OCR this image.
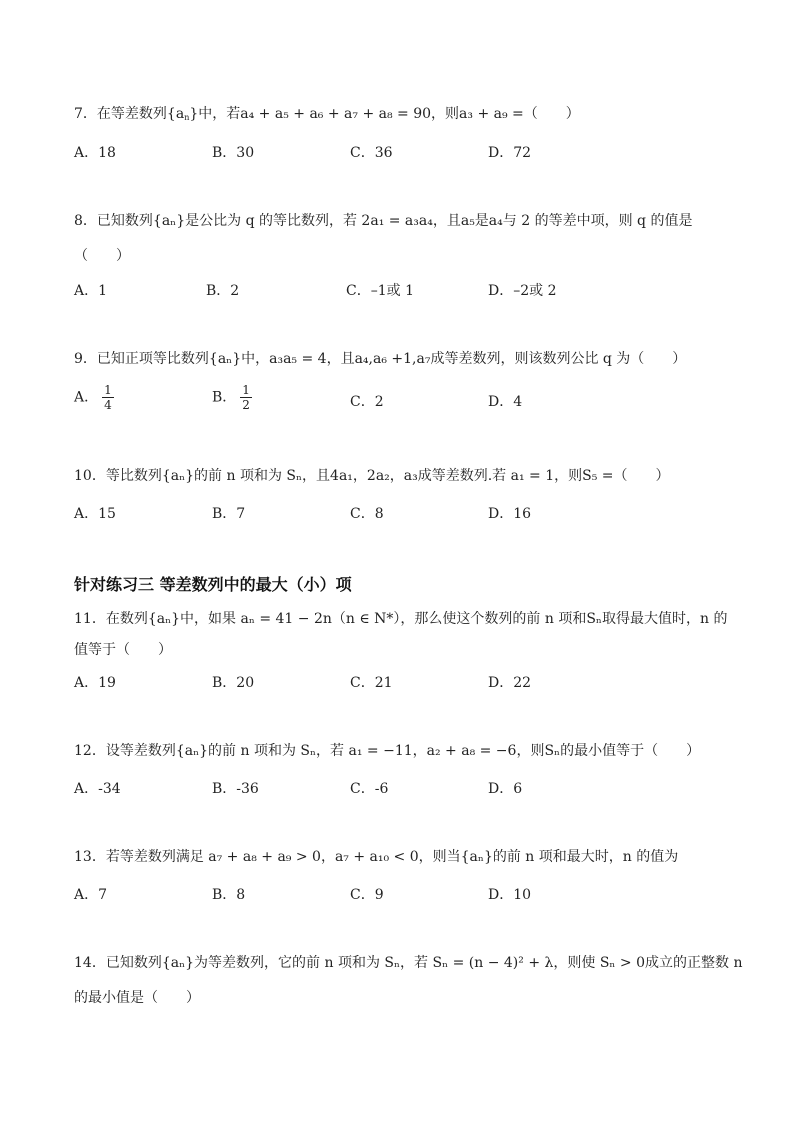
7．在等差数列$\{a_n\}$中，若a₄ + a₅ + a₆ + a₇ + a₈ = 90，则a₃ + a₉ =（　　）
A．18	B．30	C．36	D．72
8．已知数列{aₙ}是公比为 q 的等比数列，若 2a₁ = a₃a₄，且a₅是a₄与 2 的等差中项，则 q 的值是
（　　）
A．1	B．2	C．–1或 1	D．–2或 2
9．已知正项等比数列{aₙ}中，a₃a₅ = 4，且a₄,a₆ +1,a₇成等差数列，则该数列公比 q 为（　　）
A． $\frac{1}{4}$	B． $\frac{1}{2}$	C．2	D．4
10．等比数列{aₙ}的前 n 项和为 Sₙ，且4a₁，2a₂，a₃成等差数列.若 a₁ = 1，则S₅ =（　　）
A．15	B．7	C．8	D．16
针对练习三 等差数列中的最大（小）项
11．在数列{aₙ}中，如果 aₙ = 41 − 2n（n ∈ N*），那么使这个数列的前 n 项和Sₙ取得最大值时，n 的
值等于（　　）
A．19	B．20	C．21	D．22
12．设等差数列{aₙ}的前 n 项和为 Sₙ，若 a₁ = −11，a₂ + a₈ = −6，则Sₙ的最小值等于（　　）
A．-34	B．-36	C．-6	D．6
13．若等差数列满足 a₇ + a₈ + a₉ > 0，a₇ + a₁₀ < 0，则当{aₙ}的前 n 项和最大时，n 的值为
A．7	B．8	C．9	D．10
14．已知数列{aₙ}为等差数列，它的前 n 项和为 Sₙ，若 Sₙ = (n − 4)² + λ，则使 Sₙ > 0成立的正整数 n
的最小值是（　　）
